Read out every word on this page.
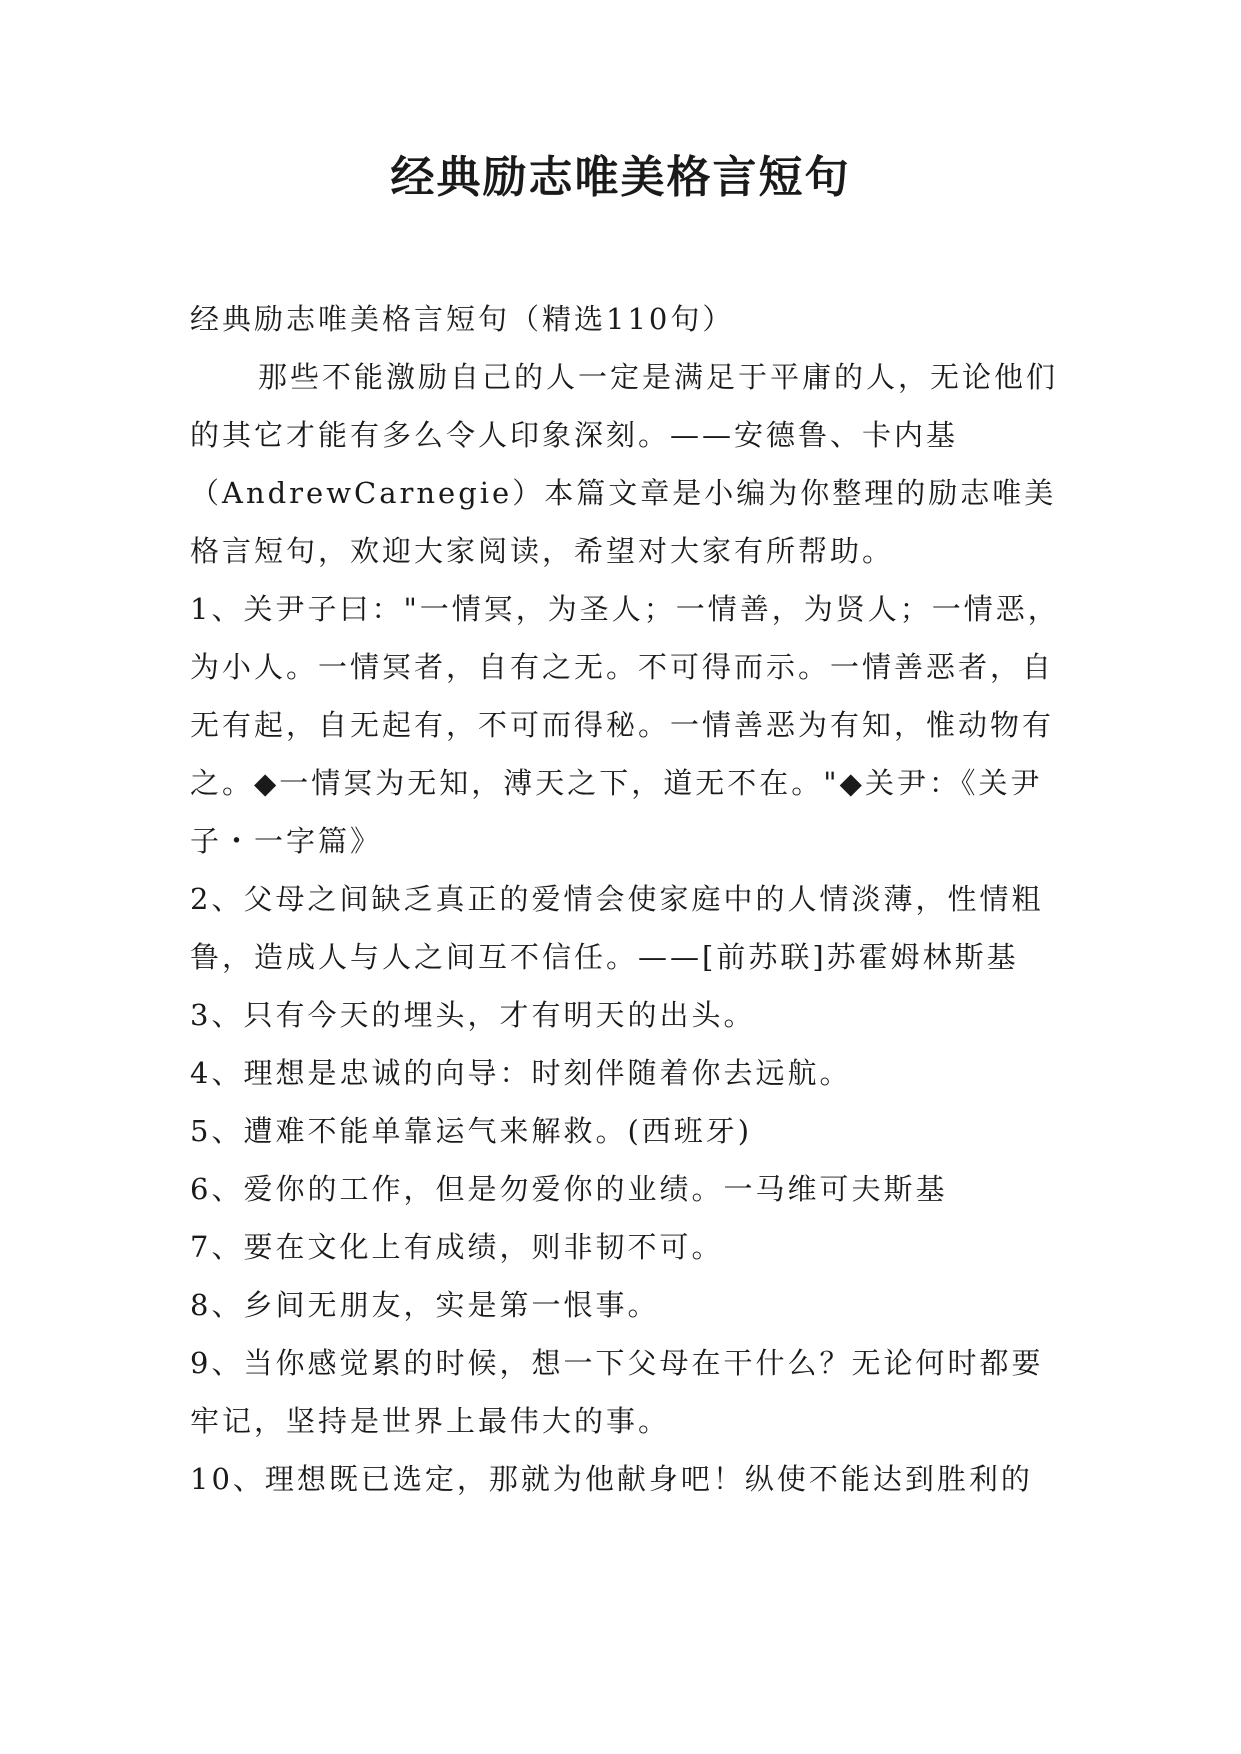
经典励志唯美格言短句

经典励志唯美格言短句（精选110句）

那些不能激励自己的人一定是满足于平庸的人，无论他们的其它才能有多么令人印象深刻。——安德鲁、卡内基（AndrewCarnegie）本篇文章是小编为你整理的励志唯美格言短句，欢迎大家阅读，希望对大家有所帮助。

1、关尹子曰："一情冥，为圣人；一情善，为贤人；一情恶，为小人。一情冥者，自有之无。不可得而示。一情善恶者，自无有起，自无起有，不可而得秘。一情善恶为有知，惟动物有之。◆一情冥为无知，溥天之下，道无不在。"◆关尹：《关尹子・一字篇》

2、父母之间缺乏真正的爱情会使家庭中的人情淡薄，性情粗鲁，造成人与人之间互不信任。——[前苏联]苏霍姆林斯基

3、只有今天的埋头，才有明天的出头。

4、理想是忠诚的向导：时刻伴随着你去远航。

5、遭难不能单靠运气来解救。(西班牙)

6、爱你的工作，但是勿爱你的业绩。一马维可夫斯基

7、要在文化上有成绩，则非韧不可。

8、乡间无朋友，实是第一恨事。

9、当你感觉累的时候，想一下父母在干什么？无论何时都要牢记，坚持是世界上最伟大的事。

10、理想既已选定，那就为他献身吧！纵使不能达到胜利的
